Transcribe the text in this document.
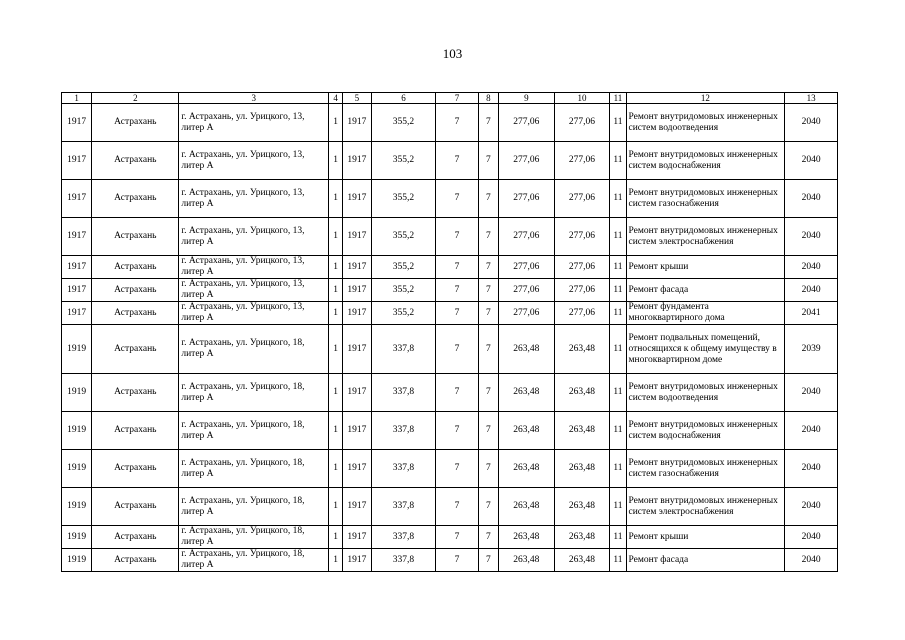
103
1	2	3	4	5	6	7	8	9	10	11	12	13
1917	Астрахань	г. Астрахань, ул. Урицкого, 13, литер А	1	1917	355,2	7	7	277,06	277,06	11	Ремонт внутридомовых инженерных систем водоотведения	2040
1917	Астрахань	г. Астрахань, ул. Урицкого, 13, литер А	1	1917	355,2	7	7	277,06	277,06	11	Ремонт внутридомовых инженерных систем водоснабжения	2040
1917	Астрахань	г. Астрахань, ул. Урицкого, 13, литер А	1	1917	355,2	7	7	277,06	277,06	11	Ремонт внутридомовых инженерных систем газоснабжения	2040
1917	Астрахань	г. Астрахань, ул. Урицкого, 13, литер А	1	1917	355,2	7	7	277,06	277,06	11	Ремонт внутридомовых инженерных систем электроснабжения	2040
1917	Астрахань	г. Астрахань, ул. Урицкого, 13, литер А	1	1917	355,2	7	7	277,06	277,06	11	Ремонт крыши	2040
1917	Астрахань	г. Астрахань, ул. Урицкого, 13, литер А	1	1917	355,2	7	7	277,06	277,06	11	Ремонт фасада	2040
1917	Астрахань	г. Астрахань, ул. Урицкого, 13, литер А	1	1917	355,2	7	7	277,06	277,06	11	Ремонт фундамента многоквартирного дома	2041
1919	Астрахань	г. Астрахань, ул. Урицкого, 18, литер А	1	1917	337,8	7	7	263,48	263,48	11	Ремонт подвальных помещений, относящихся к общему имуществу в многоквартирном доме	2039
1919	Астрахань	г. Астрахань, ул. Урицкого, 18, литер А	1	1917	337,8	7	7	263,48	263,48	11	Ремонт внутридомовых инженерных систем водоотведения	2040
1919	Астрахань	г. Астрахань, ул. Урицкого, 18, литер А	1	1917	337,8	7	7	263,48	263,48	11	Ремонт внутридомовых инженерных систем водоснабжения	2040
1919	Астрахань	г. Астрахань, ул. Урицкого, 18, литер А	1	1917	337,8	7	7	263,48	263,48	11	Ремонт внутридомовых инженерных систем газоснабжения	2040
1919	Астрахань	г. Астрахань, ул. Урицкого, 18, литер А	1	1917	337,8	7	7	263,48	263,48	11	Ремонт внутридомовых инженерных систем электроснабжения	2040
1919	Астрахань	г. Астрахань, ул. Урицкого, 18, литер А	1	1917	337,8	7	7	263,48	263,48	11	Ремонт крыши	2040
1919	Астрахань	г. Астрахань, ул. Урицкого, 18, литер А	1	1917	337,8	7	7	263,48	263,48	11	Ремонт фасада	2040
